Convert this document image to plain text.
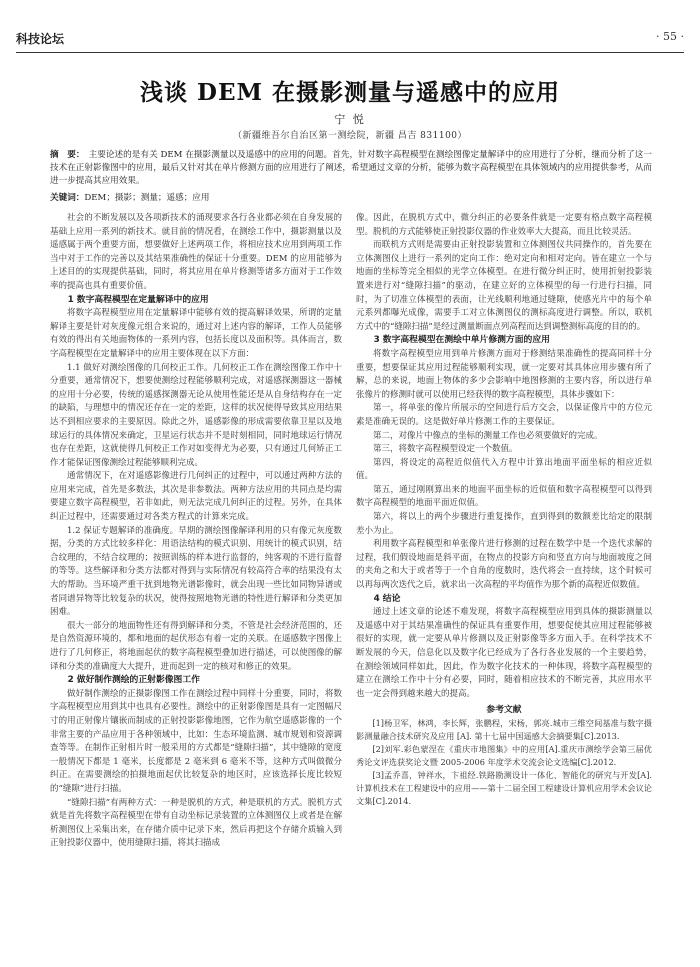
科技论坛	· 55 ·
浅谈 DEM 在摄影测量与遥感中的应用
宁 悦
（新疆维吾尔自治区第一测绘院，新疆 昌吉 831100）
摘　要： 主要论述的是有关 DEM 在摄影测量以及遥感中的应用的问题。首先，针对数字高程模型在测绘图像定量解译中的应用进行了分析，继而分析了这一技术在正射影像图中的应用，最后又针对其在单片修测方面的应用进行了阐述，希望通过文章的分析，能够为数字高程模型在具体领域内的应用提供参考，从而进一步提高其应用效果。
关键词：DEM；摄影；测量；遥感；应用

社会的不断发展以及各项新技术的涌现要求各行各业都必须在自身发展的基础上应用一系列的新技术。就目前的情况看，在测绘工作中，摄影测量以及遥感属于两个重要方面，想要做好上述两项工作，将相应技术应用到两项工作当中对于工作的完善以及其结果准确性的保证十分重要。DEM 的应用能够为上述目的的实现提供基础，同时，将其应用在单片修测等诸多方面对于工作效率的提高也具有重要价值。

1 数字高程模型在定量解译中的应用

将数字高程模型应用在定量解译中能够有效的提高解译效果，所谓的定量解译主要是针对灰度像元组合来说的，通过对上述内容的解译，工作人员能够有效的得出有关地面物体的一系列内容，包括长度以及面积等。具体而言，数字高程模型在定量解译中的应用主要体现在以下方面：

1.1 做好对测绘图像的几何校正工作。几何校正工作在测绘图像工作中十分重要，通常情况下，想要使测绘过程能够顺利完成，对遥感探测器这一器械的应用十分必要，传统的遥感探测器无论从使用性能还是从自身结构存在一定的缺陷，与理想中的情况还存在一定的差距，这样的状况使得导致其应用结果达不到相应要求的主要原因。除此之外，遥感影像的形成需要依靠卫星以及地球运行的具体情况来确定，卫星运行状态并不是时刻相同，同时地球运行情况也存在差距，这就使得几何校正工作对如变得尤为必要，只有通过几何矫正工作才能保证图像测绘过程能够顺利完成。

通常情况下，在对遥感影像进行几何纠正的过程中，可以通过两种方法的应用来完成，首先是多数法，其次是非参数法。两种方法应用的共同点是均需要建立数字高程模型，若非如此，则无法完成几何纠正的过程。另外，在具体纠正过程中，还需要通过对各类方程式的计算来完成。

1.2 保证专题解译的准确度。早期的测绘图像解译利用的只有像元灰度数据，分类的方式比较多样化：用语法结构的模式识别、用统计的模式识别，结合纹理的，不结合纹理的；按照训练的样本进行监督的，纯客观的不进行监督的等等。这些解译和分类方法都对得到与实际情况有较高符合率的结果没有太大的帮助。当环境严重干扰到地物光谱影像时，就会出现一些比如同物异谱或者同谱异物等比较复杂的状况，使得按照地物光谱的特性进行解译和分类更加困难。

很大一部分的地面物性还有得到解译和分类，不管是社会经济范围的，还是自然资源环境的，都和地面的起伏形态有着一定的关联。在遥感数字图像上进行了几何修正，将地面起伏的数字高程模型叠加进行描述，可以使图像的解译和分类的准确度大大提升，进而起到一定的核对和修正的效果。

2 做好制作测绘的正射影像图工作

做好制作测绘的正摄影像图工作在测绘过程中同样十分重要，同时，将数字高程模型应用到其中也具有必要性。测绘中的正射影像图是具有一定图幅尺寸的用正射像片镶嵌而制成的正射投影影像地图，它作为航空遥感影像的一个非常主要的产品应用于各种领域中，比如：生态环境监测、城市规划和资源调查等等。在制作正射相片时一般采用的方式都是“缝隙扫描”，其中缝隙的宽度一般情况下都是 1 毫米，长度都是 2 毫米到 6 毫米不等，这种方式叫做微分纠正。在需要测绘的拍摄地面起伏比较复杂的地区时，应该选择长度比较短的“缝隙”进行扫描。

“缝隙扫描”有两种方式：一种是脱机的方式，种是联机的方式。脱机方式就是首先将数字高程模型在带有自动坐标记录装置的立体测图仪上或者是在解析测图仪上采集出来，在存储介质中记录下来，然后再把这个存储介质输入到正射投影仪器中，使用缝隙扫描，将其扫描成

像。因此，在脱机方式中，微分纠正的必要条件就是一定要有格点数字高程模型。脱机的方式能够使正射投影仪器的作业效率大大提高，而且比较灵活。

而联机方式则是需要由正射投影装置和立体测图仪共同操作的，首先要在立体测图仪上进行一系列的定向工作：绝对定向和相对定向。皆在建立一个与地面的坐标等完全相似的光学立体模型。在进行微分纠正时，使用折射投影装置来进行对“缝隙扫描”的驱动，在建立好的立体模型的每一行进行扫描，同时，为了切准立体模型的表面，让光线顺利地通过缝隙，使感光片中的每个单元系列都曝光成像，需要手工对立体测图仪的测标高度进行调整。所以，联机方式中的“缝隙扫描”是经过测量断面点列高程而达到调整测标高度的目的的。

3 数字高程模型在测绘中单片修测方面的应用

将数字高程模型应用到单片修测方面对于修测结果准确性的提高同样十分重要，想要保证其应用过程能够顺利实现，就一定要对其具体应用步骤有所了解，总的来说，地面上物体的多少会影响中地图修测的主要内容，所以进行单张像片的修测时就可以使用已经获得的数字高程模型，具体步骤如下：

第一，将单张的像片所展示的空间进行后方交会，以保证像片中的方位元素是准确无误的。这是做好单片修测工作的主要保证。

第二，对像片中像点的坐标的测量工作也必须要做好的完成。

第三，将数字高程模型设定一个数值。

第四，将设定的高程近似值代入方程中计算出地面平面坐标的相应近似值。

第五，通过刚刚算出来的地面平面坐标的近似值和数字高程模型可以得到数字高程模型的地面平面近似值。

第六，将以上的两个步骤进行重复操作，直到得到的数额差比给定的限制差小为止。

利用数字高程模型和单张像片进行修测的过程在数学中是一个迭代求解的过程，我们假设地面是斜平面，在物点的投影方向和竖直方向与地面坡度之间的夹角之和大于或者等于一个自角的度数时，迭代将会一直持续，这个时候可以再每两次迭代之后，就求出一次高程的平均值作为那个新的高程近似数值。

4 结论

通过上述文章的论述不难发现，将数字高程模型应用到具体的摄影测量以及遥感中对于其结果准确性的保证具有重要作用，想要促使其应用过程能够被很好的实现，就一定要从单片修测以及正射影像等多方面入手。在科学技术不断发展的今天，信息化以及数字化已经成为了各行各业发展的一个主要趋势，在测绘领域同样如此，因此，作为数字化技术的一种体现，将数字高程模型的建立在测绘工作中十分有必要，同时，随着相应技术的不断完善，其应用水平也一定会得到越来越大的提高。

参考文献

[1]杨卫军，林鸿，李长辉，张鹏程，宋杨，郭亮.城市三维空间基准与数字摄影测量融合技术研究及应用 [A]. 第十七届中国遥感大会摘要集[C].2013.

[2]刘军.彩色蒙涅在《重庆市地图集》中的应用[A].重庆市测绘学会第三届优秀论文评选获奖论文暨 2005-2006 年度学术交流会论文选编[C].2012.

[3]孟乔喜，钟祥水，卞祖经.铁路勘测设计一体化、智能化的研究与开发[A]. 计算机技术在工程建设中的应用——第十二届全国工程建设计算机应用学术会议论文集[C].2014.
